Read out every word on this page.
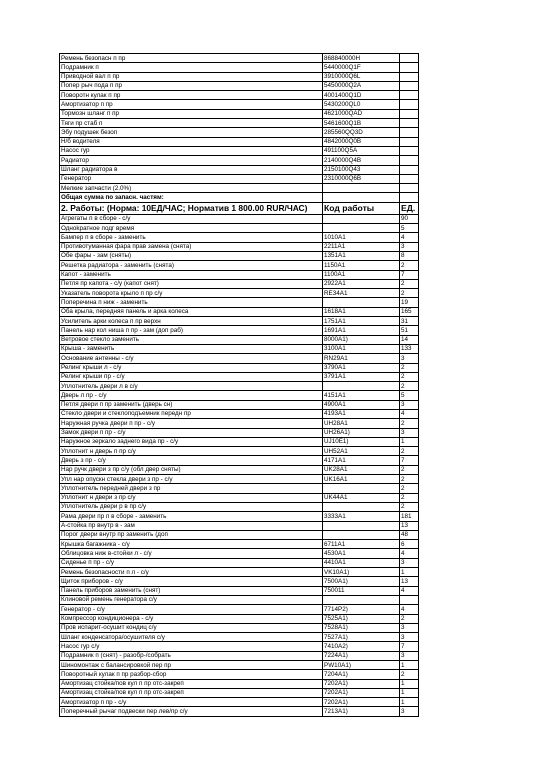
Ремень безопасн п пр	868840000H	
Подрамник п	5440000Q1F	
Приводной вал п пр	3910000Q6L	
Попер рыч пода п пр	5450000Q2A	
Поворотн кулак п пр	4001400Q1D	
Амортизатор п пр	5430200QL0	
Тормозн шланг п пр	4621000QAD	
Тяги пр стаб п	5461600Q1B	
Эбу подушек безоп	285560QQ3D	
Н/б водителя	4842000Q0B	
Насос гур	491100Q5A	
Радиатор	2140000Q4B	
Шланг радиатора в	2150100Q43	
Генератор	2310000Q6B	
Мелкие запчасти (2.0%)		
Общая сумма по запасн. частям:		
2. Работы: (Норма: 10ЕД/ЧАС; Норматив 1 800.00 RUR/ЧАС)	Код работы	ЕД.
Агрегаты п в сборе - с/у		90
Одноkратное подг время		5
Бампер п в сборе - заменить	1010A1	4
Противотуманная фара прав замена (снята)	2211A1	3
Обе фары - зам (сняты)	1351A1	8
Решетка радиатора - заменить (снята)	1150A1	2
Капот - заменить	1100A1	7
Петля пр капота - с/у (капот снят)	2922A1	2
Указатель поворота крыло п пр с/у	RE34A1	2
Поперечина п ниж - заменить		19
Оба крыла, передняя панель и арка колеса	1618A1	165
Усилитель арки колеса п пр верхн	1751A1	31
Панель нар кол ниша п пр - зам (доп раб)	1691A1	51
Ветровое стекло заменить	8000A1)	14
Крыша - заменить	3100A1	133
Основание антенны - с/у	RN29A1	3
Релинг крыши л - с/у	3790A1	2
Релинг крыши пр - с/у	3791A1	2
Уплотнитель двери л в с/у		2
Дверь л пр - с/у	4151A1	5
Петля двери п пр заменить (дверь сн)	4900A1	3
Стекло двери и стеклоподъемник передн пр	4193A1	4
Наружная ручка двери п пр - с/у	UH28A1	2
Замок двери п пр - с/у	UH26A1)	3
Наружное зеркало заднего вида пр - с/у	UJ10E1)	1
Уплотнит н дверь п пр с/у	UH52A1	2
Дверь з пр - с/у	4171A1	7
Нар ручк двери з пр с/у (обл двер сняты)	UK28A1	2
Упл нар опускн стекла двери з пр - с/у	UK16A1	2
Уплотнитель передней двери з пр		2
Уплотнит н двери з пр с/у	UK44A1	2
Уплотнитель двери р в пр с/у		2
Рама двери пр п в сборе - заменить	3333A1	181
А-стойка пр внутр в - зам		13
Порог двери внутр пр заменить (доп		48
Крышка багажника - с/у	6711A1	6
Облицовка ниж в-стойки л - с/у	4530A1	4
Сиденье п пр - с/у	4410A1	3
Ремень безопасности п л - с/у	VK10A1)	1
Щиток приборов - с/у	7500A1)	13
Панель приборов заменить (снят)	750011	4
Клиновой ремень генератора с/у		
Генератор - с/у	7714P2)	4
Компрессор кондиционера - с/у	7525A1)	2
Пров испарит-осушит кондиц с/у	7528A1)	3
Шланг конденсатора/осушителя с/у	7527A1)	3
Насос гур с/у	7410A2)	7
Подрамник п (снят) - разобр-/собрать	7224A1)	3
Шиномонтаж с балансировкой пер пр	PW10A1)	1
Поворотный кулак п пр разбор-сбор	7204A1)	2
Амортизац стойка/пов кул п пр отс-закреп	7202A1)	1
Амортизац стойка/пов кул п пр отс-закреп	7202A1)	1
Амортизатор п пр - с/у	7202A1)	1
Поперечный рычаг подвески пер лев/пр с/у	7213A1)	3
